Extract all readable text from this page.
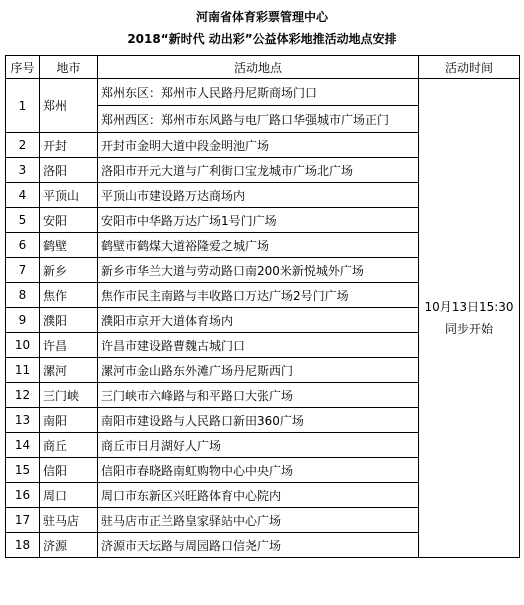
河南省体育彩票管理中心
2018“新时代 动出彩”公益体彩地推活动地点安排
序号	地市	活动地点	活动时间
1	郑州	郑州东区：郑州市人民路丹尼斯商场门口	10月13日15:30
同步开始

		郑州西区：郑州市东风路与电厂路口华强城市广场正门	
2	开封	开封市金明大道中段金明池广场	
3	洛阳	洛阳市开元大道与广利街口宝龙城市广场北广场	
4	平顶山	平顶山市建设路万达商场内	
5	安阳	安阳市中华路万达广场1号门广场	
6	鹤壁	鹤壁市鹤煤大道裕隆爱之城广场	
7	新乡	新乡市华兰大道与劳动路口南200米新悦城外广场	
8	焦作	焦作市民主南路与丰收路口万达广场2号门广场	
9	濮阳	濮阳市京开大道体育场内	
10	许昌	许昌市建设路曹魏古城门口	
11	漯河	漯河市金山路东外滩广场丹尼斯西门	
12	三门峡	三门峡市六峰路与和平路口大张广场	
13	南阳	南阳市建设路与人民路口新田360广场	
14	商丘	商丘市日月湖好人广场	
15	信阳	信阳市春晓路南虹购物中心中央广场	
16	周口	周口市东新区兴旺路体育中心院内	
17	驻马店	驻马店市正兰路皇家驿站中心广场	
18	济源	济源市天坛路与周园路口信尧广场	
